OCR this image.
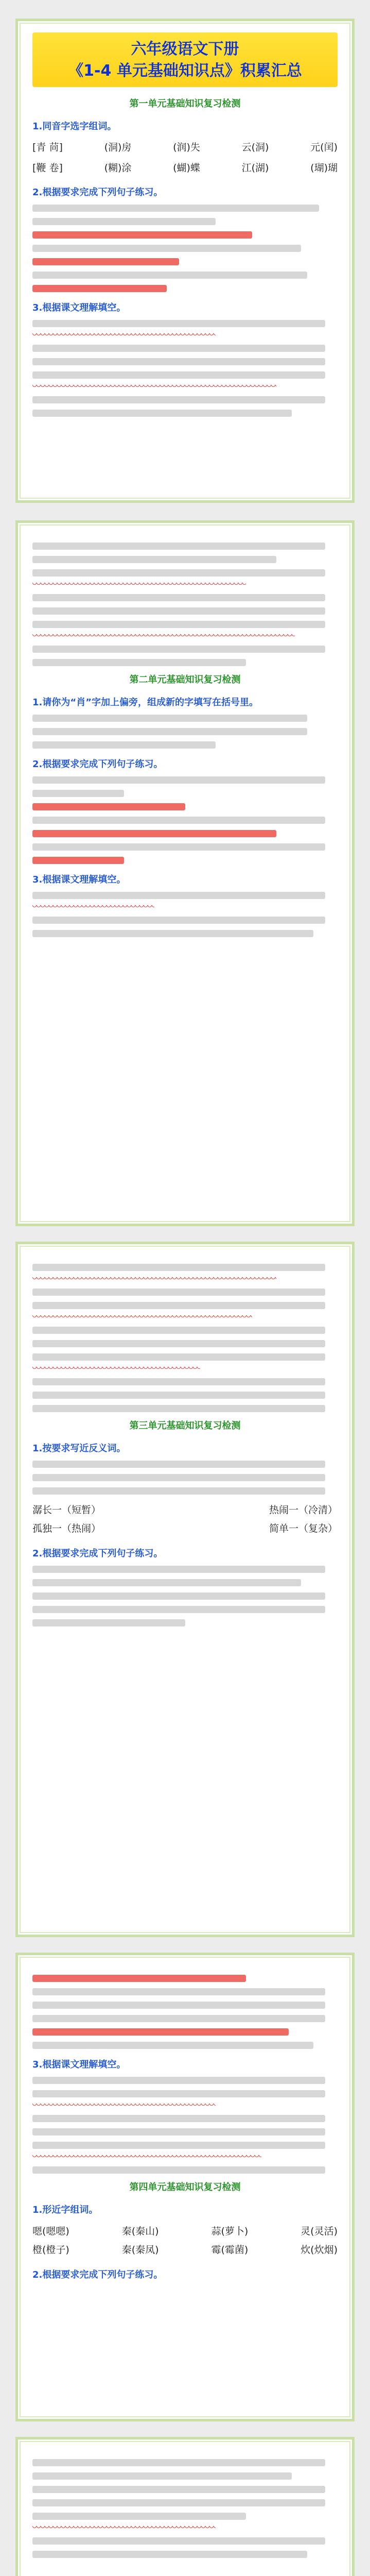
六年级语文下册
《1-4 单元基础知识点》积累汇总
第一单元基础知识复习检测
1.同音字选字组词。
[青 苘]	(洞)房	(润)失	云(洞)	元(闰)
[鞭 卷]	(糊)涂	(蝴)蝶	江(湖)	(瑚)瑚
2.根据要求完成下列句子练习。
3.根据课文理解填空。
第二单元基础知识复习检测
1.请你为“肖”字加上偏旁，组成新的字填写在括号里。
2.根据要求完成下列句子练习。
3.根据课文理解填空。
第三单元基础知识复习检测
1.按要求写近反义词。
潺长一（短暂）	热闹一（冷清）
孤独一（热闹）	简单一（复杂）
2.根据要求完成下列句子练习。
3.根据课文理解填空。
第四单元基础知识复习检测
1.形近字组词。
嗯(嗯嗯)	秦(秦山)	蒜(萝卜)	灵(灵活)
橙(橙子)	秦(秦凤)	霉(霉菌)	炊(炊烟)
2.根据要求完成下列句子练习。
